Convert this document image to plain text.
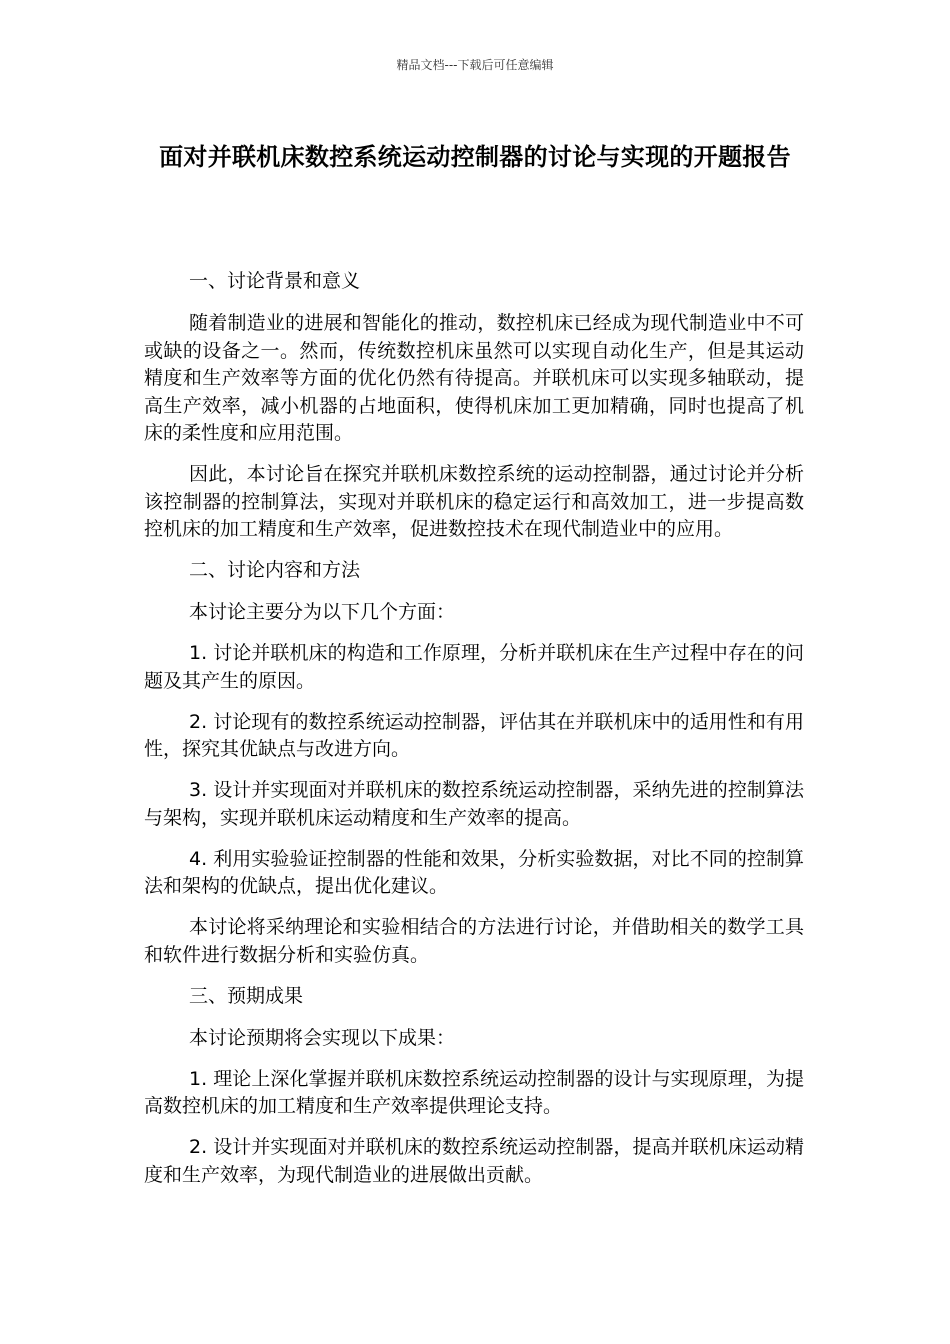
精品文档---下载后可任意编辑
面对并联机床数控系统运动控制器的讨论与实现的开题报告

一、讨论背景和意义

随着制造业的进展和智能化的推动，数控机床已经成为现代制造业中不可或缺的设备之一。然而，传统数控机床虽然可以实现自动化生产，但是其运动精度和生产效率等方面的优化仍然有待提高。并联机床可以实现多轴联动，提高生产效率，减小机器的占地面积，使得机床加工更加精确，同时也提高了机床的柔性度和应用范围。

因此，本讨论旨在探究并联机床数控系统的运动控制器，通过讨论并分析该控制器的控制算法，实现对并联机床的稳定运行和高效加工，进一步提高数控机床的加工精度和生产效率，促进数控技术在现代制造业中的应用。

二、讨论内容和方法

本讨论主要分为以下几个方面：

1. 讨论并联机床的构造和工作原理，分析并联机床在生产过程中存在的问题及其产生的原因。

2. 讨论现有的数控系统运动控制器，评估其在并联机床中的适用性和有用性，探究其优缺点与改进方向。

3. 设计并实现面对并联机床的数控系统运动控制器，采纳先进的控制算法与架构，实现并联机床运动精度和生产效率的提高。

4. 利用实验验证控制器的性能和效果，分析实验数据，对比不同的控制算法和架构的优缺点，提出优化建议。

本讨论将采纳理论和实验相结合的方法进行讨论，并借助相关的数学工具和软件进行数据分析和实验仿真。

三、预期成果

本讨论预期将会实现以下成果：

1. 理论上深化掌握并联机床数控系统运动控制器的设计与实现原理，为提高数控机床的加工精度和生产效率提供理论支持。

2. 设计并实现面对并联机床的数控系统运动控制器，提高并联机床运动精度和生产效率，为现代制造业的进展做出贡献。
